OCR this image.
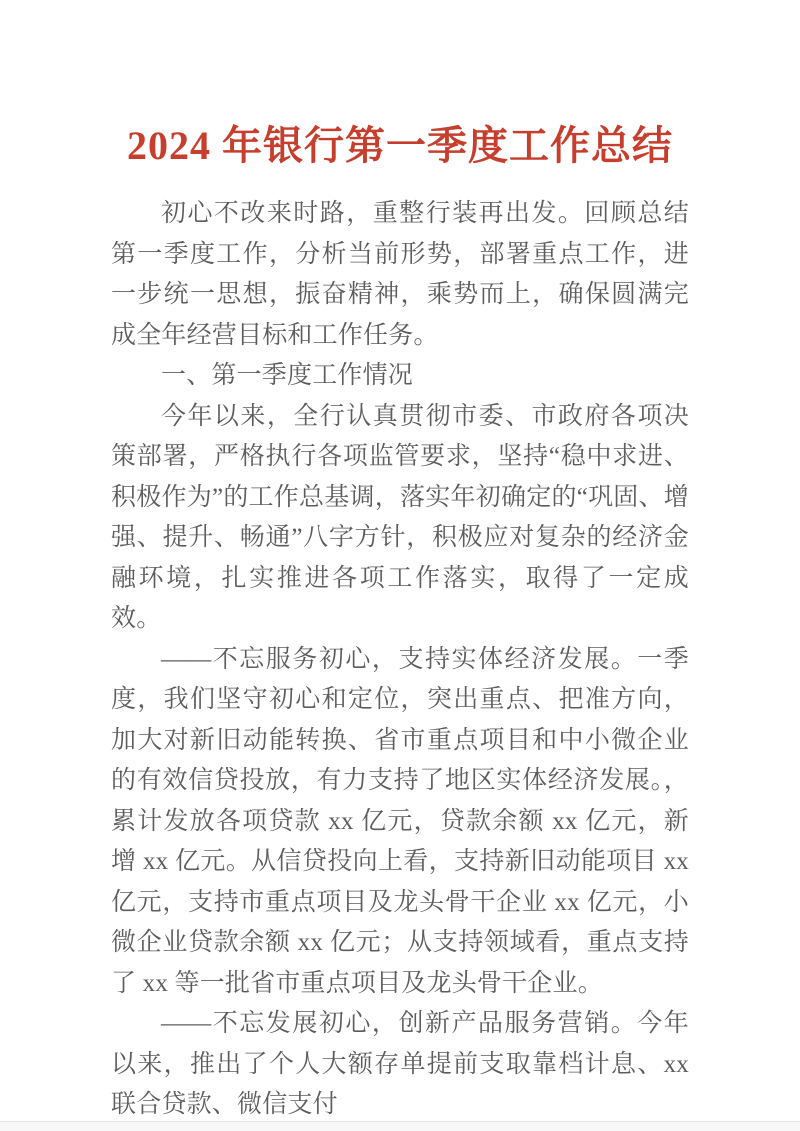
2024 年银行第一季度工作总结

初心不改来时路，重整行装再出发。回顾总结第一季度工作，分析当前形势，部署重点工作，进一步统一思想，振奋精神，乘势而上，确保圆满完成全年经营目标和工作任务。

一、第一季度工作情况

今年以来，全行认真贯彻市委、市政府各项决策部署，严格执行各项监管要求，坚持“稳中求进、积极作为”的工作总基调，落实年初确定的“巩固、增强、提升、畅通”八字方针，积极应对复杂的经济金融环境，扎实推进各项工作落实，取得了一定成效。

——不忘服务初心，支持实体经济发展。一季度，我们坚守初心和定位，突出重点、把准方向，加大对新旧动能转换、省市重点项目和中小微企业的有效信贷投放，有力支持了地区实体经济发展。，累计发放各项贷款 xx 亿元，贷款余额 xx 亿元，新增 xx 亿元。从信贷投向上看，支持新旧动能项目 xx 亿元，支持市重点项目及龙头骨干企业 xx 亿元，小微企业贷款余额 xx 亿元；从支持领域看，重点支持了 xx 等一批省市重点项目及龙头骨干企业。

——不忘发展初心，创新产品服务营销。今年以来，推出了个人大额存单提前支取靠档计息、xx 联合贷款、微信支付
